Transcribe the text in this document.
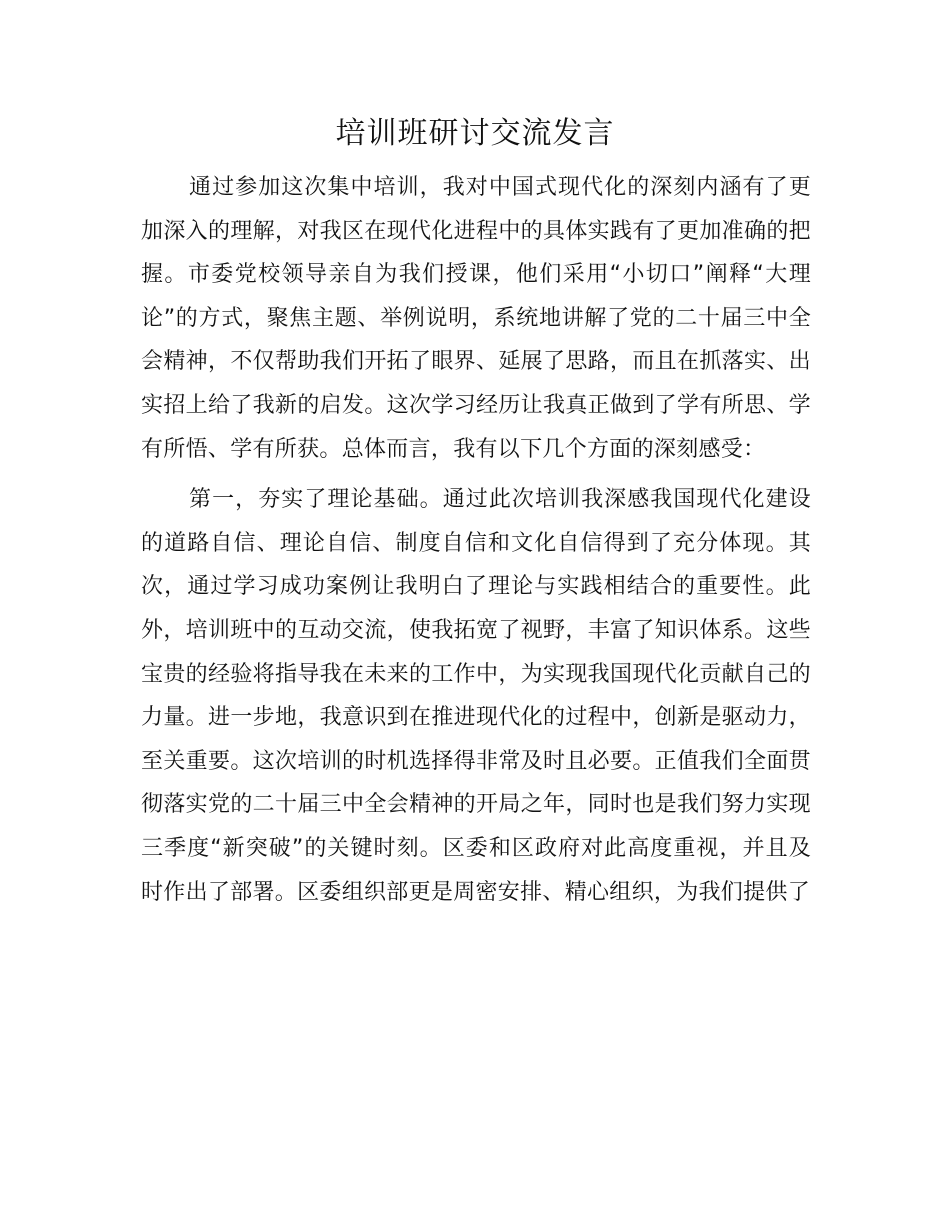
培训班研讨交流发言

通过参加这次集中培训，我对中国式现代化的深刻内涵有了更加深入的理解，对我区在现代化进程中的具体实践有了更加准确的把握。市委党校领导亲自为我们授课，他们采用“小切口”阐释“大理论”的方式，聚焦主题、举例说明，系统地讲解了党的二十届三中全会精神，不仅帮助我们开拓了眼界、延展了思路，而且在抓落实、出实招上给了我新的启发。这次学习经历让我真正做到了学有所思、学有所悟、学有所获。总体而言，我有以下几个方面的深刻感受：

第一，夯实了理论基础。通过此次培训我深感我国现代化建设的道路自信、理论自信、制度自信和文化自信得到了充分体现。其次，通过学习成功案例让我明白了理论与实践相结合的重要性。此外，培训班中的互动交流，使我拓宽了视野，丰富了知识体系。这些宝贵的经验将指导我在未来的工作中，为实现我国现代化贡献自己的力量。进一步地，我意识到在推进现代化的过程中，创新是驱动力，至关重要。这次培训的时机选择得非常及时且必要。正值我们全面贯彻落实党的二十届三中全会精神的开局之年，同时也是我们努力实现三季度“新突破”的关键时刻。区委和区政府对此高度重视，并且及时作出了部署。区委组织部更是周密安排、精心组织，为我们提供了
